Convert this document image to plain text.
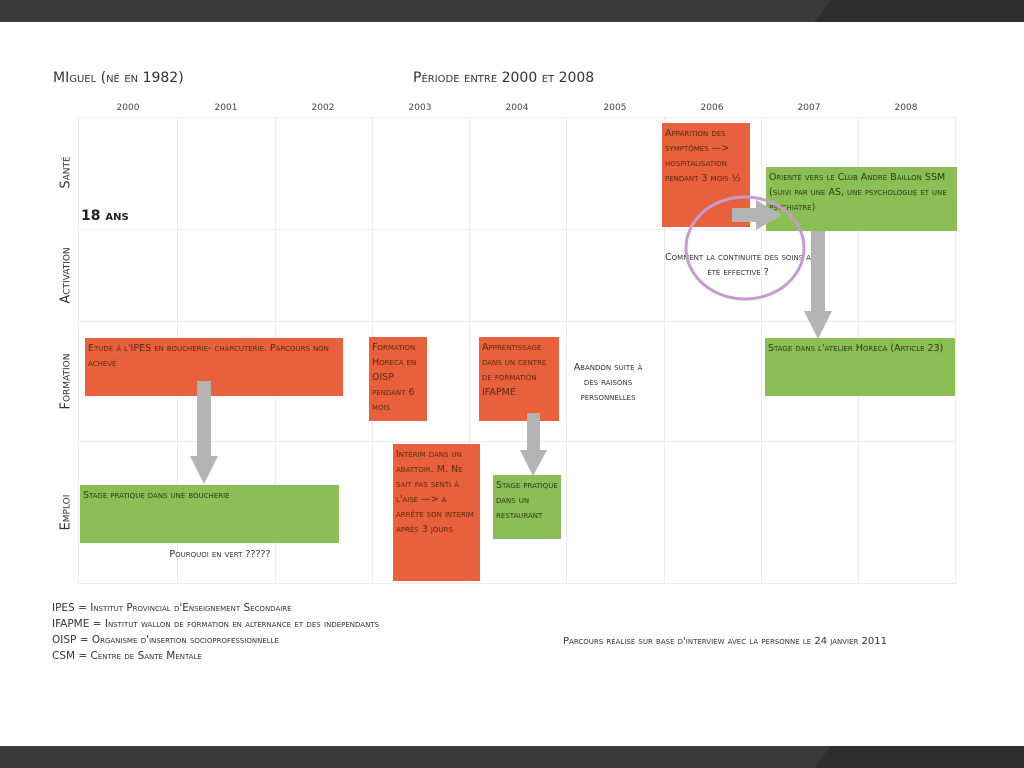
MIguel (né en 1982)	Période entre 2000 et 2008
2000	2001	2002	2003	2004	2005	2006	2007	2008
Santé
Activation
Formation
Emploi
18 ans
Apparition des symptômes —> hospitalisation pendant 3 mois ½	Orienté vers le Club André Baillon SSM (suivi par une AS, une psychologue et une psychiatre)
Etude à l'IPES en boucherie- charcuterie. Parcours non achevé
Formation Horeca en OISP pendant 6 mois
Apprentissage dans un centre de formation IFAPME
Abandon suite à des raisons personnelles
Stage dans l'atelier Horeca (Article 23)
Stage pratique dans une boucherie
Intérim dans un abattoir. M. Ne sait pas senti à l'aise —> a arrêté son intérim après 3 jours
Stage pratique dans un restaurant
Pourquoi en vert ?????
Comment la continuité des soins a été effective ?
IPES = Institut Provincial d'Enseignement Secondaire
IFAPME = Institut wallon de formation en alternance et des indépendants
OISP = Organisme d'insertion socioprofessionnelle
CSM = Centre de Santé Mentale
Parcours réalisé sur base d'interview avec la personne le 24 janvier 2011
